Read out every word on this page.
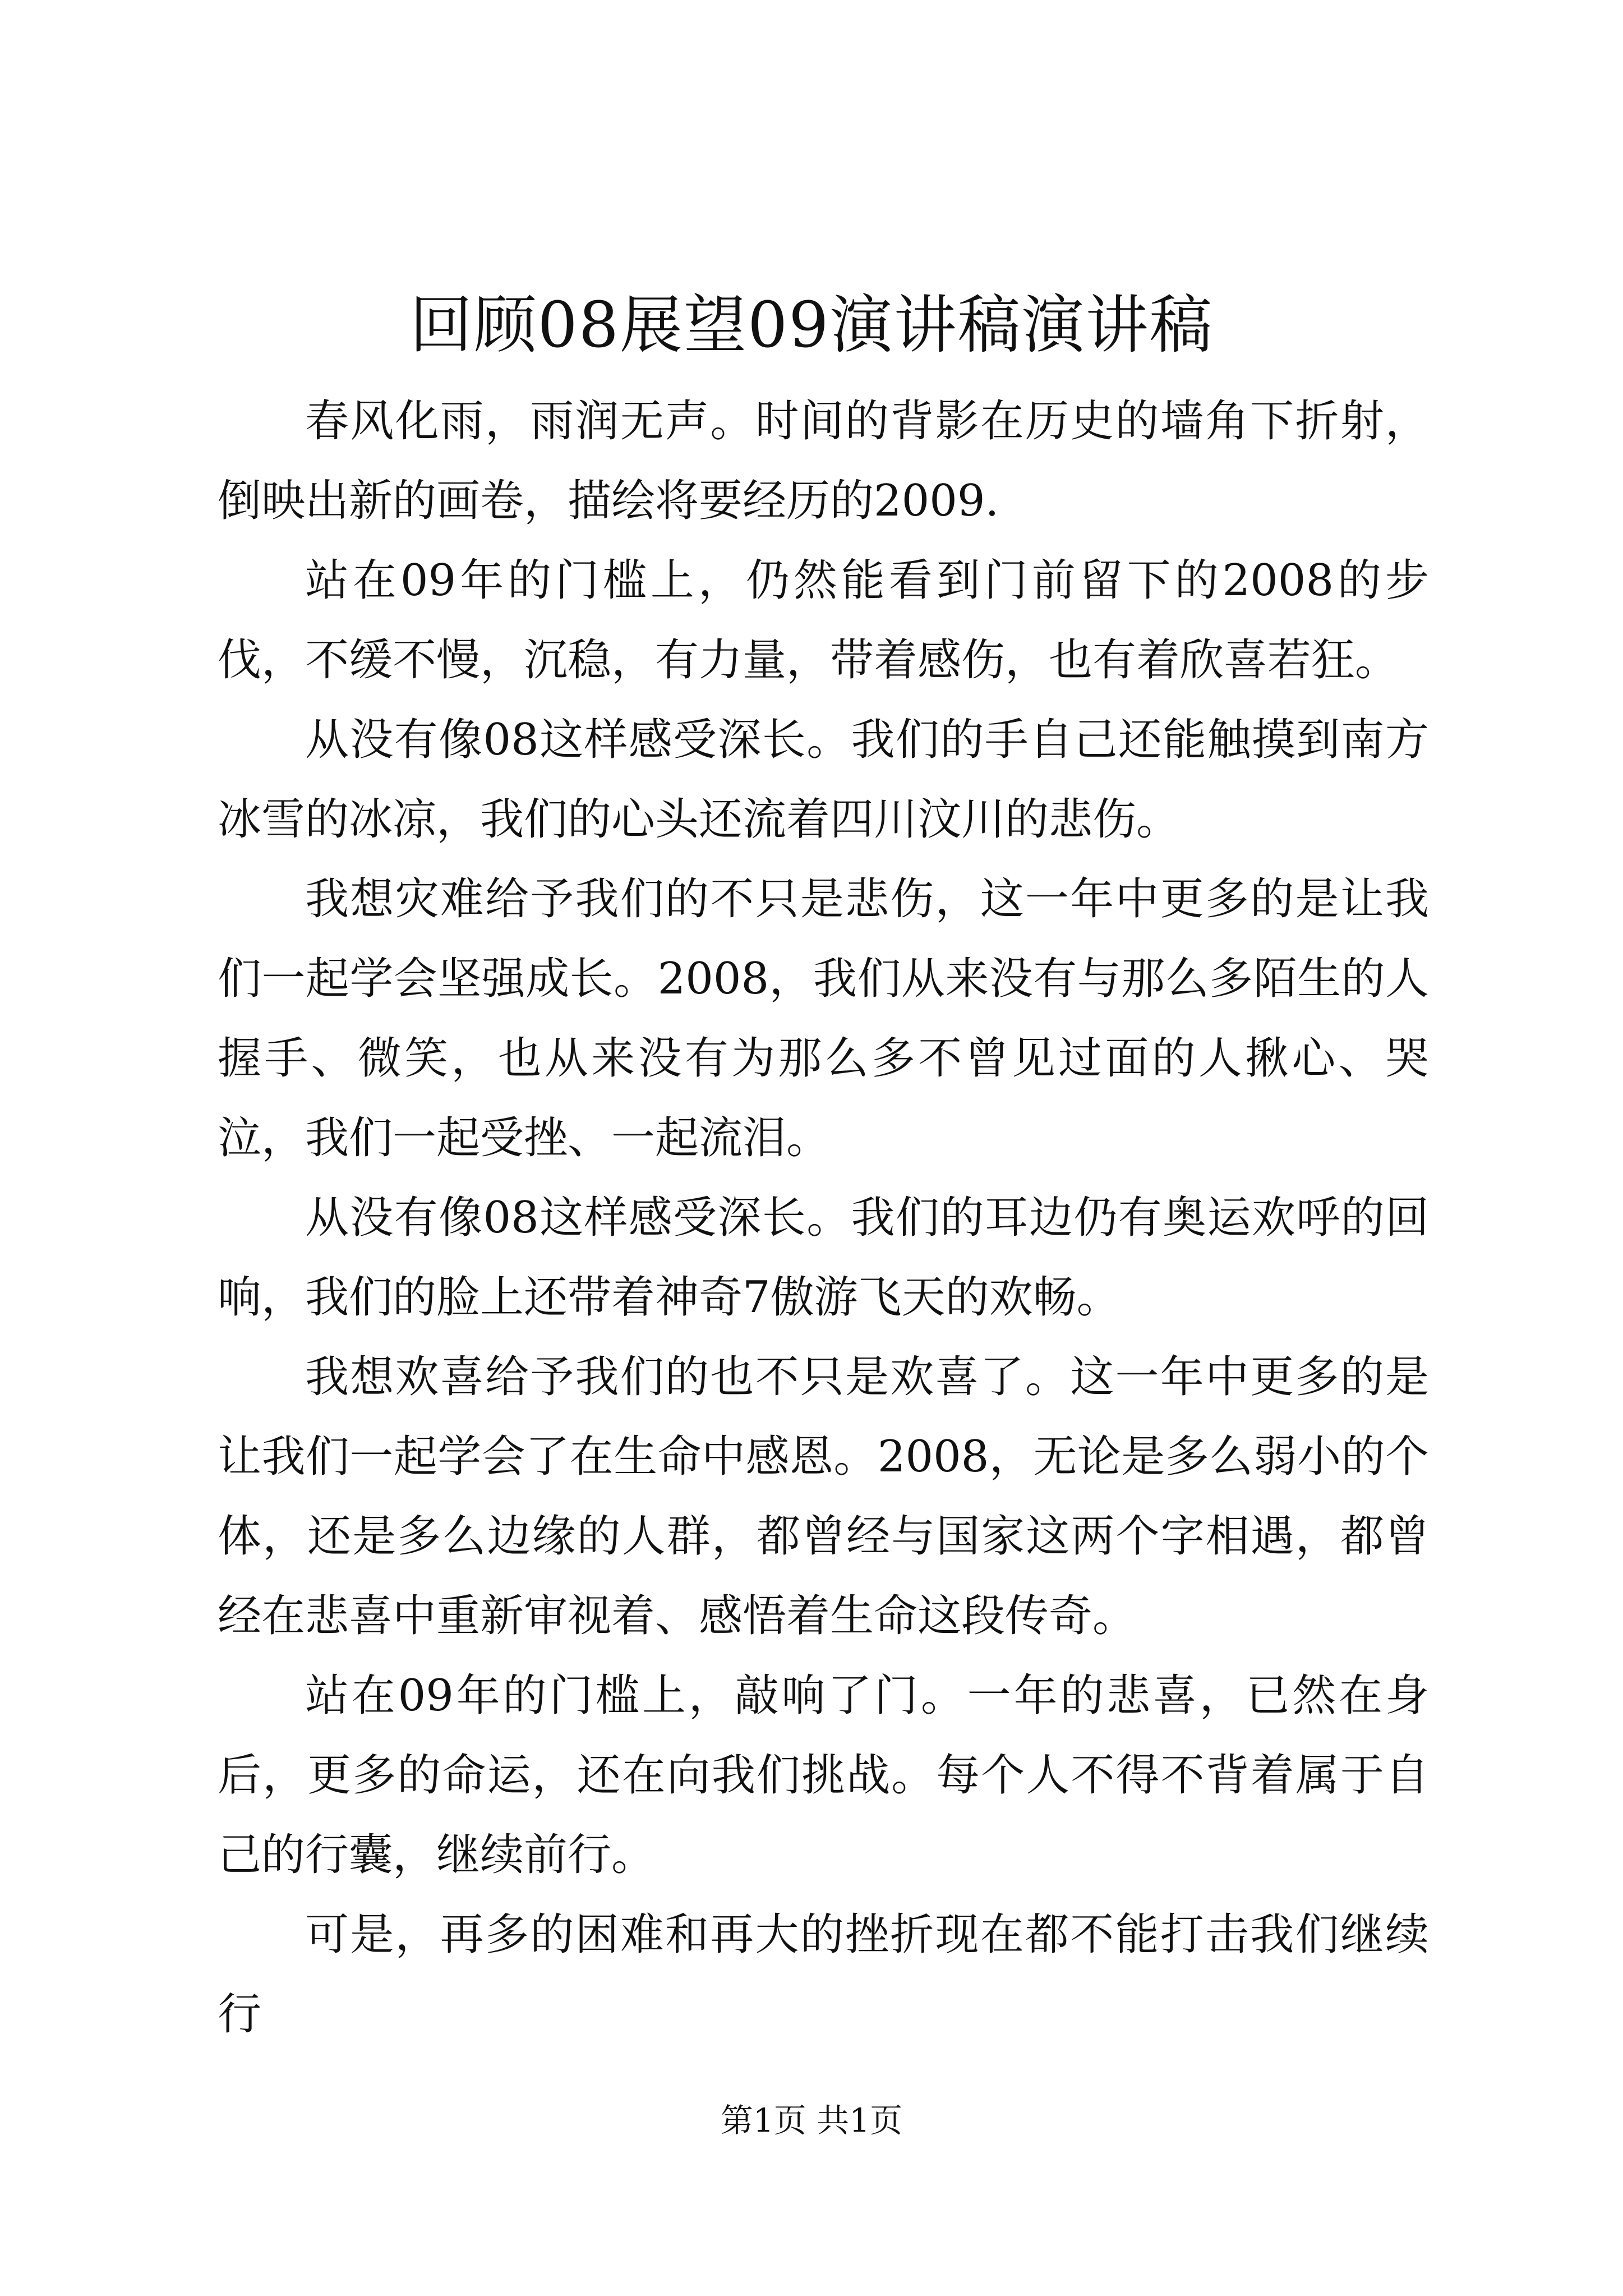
回顾08展望09演讲稿演讲稿

春风化雨，雨润无声。时间的背影在历史的墙角下折射，倒映出新的画卷，描绘将要经历的2009.

站在09年的门槛上，仍然能看到门前留下的2008的步伐，不缓不慢，沉稳，有力量，带着感伤，也有着欣喜若狂。

从没有像08这样感受深长。我们的手自己还能触摸到南方冰雪的冰凉，我们的心头还流着四川汶川的悲伤。

我想灾难给予我们的不只是悲伤，这一年中更多的是让我们一起学会坚强成长。2008，我们从来没有与那么多陌生的人握手、微笑，也从来没有为那么多不曾见过面的人揪心、哭泣，我们一起受挫、一起流泪。

从没有像08这样感受深长。我们的耳边仍有奥运欢呼的回响，我们的脸上还带着神奇7傲游飞天的欢畅。

我想欢喜给予我们的也不只是欢喜了。这一年中更多的是让我们一起学会了在生命中感恩。2008，无论是多么弱小的个体，还是多么边缘的人群，都曾经与国家这两个字相遇，都曾经在悲喜中重新审视着、感悟着生命这段传奇。

站在09年的门槛上，敲响了门。一年的悲喜，已然在身后，更多的命运，还在向我们挑战。每个人不得不背着属于自己的行囊，继续前行。

可是，再多的困难和再大的挫折现在都不能打击我们继续行

第1页 共1页
